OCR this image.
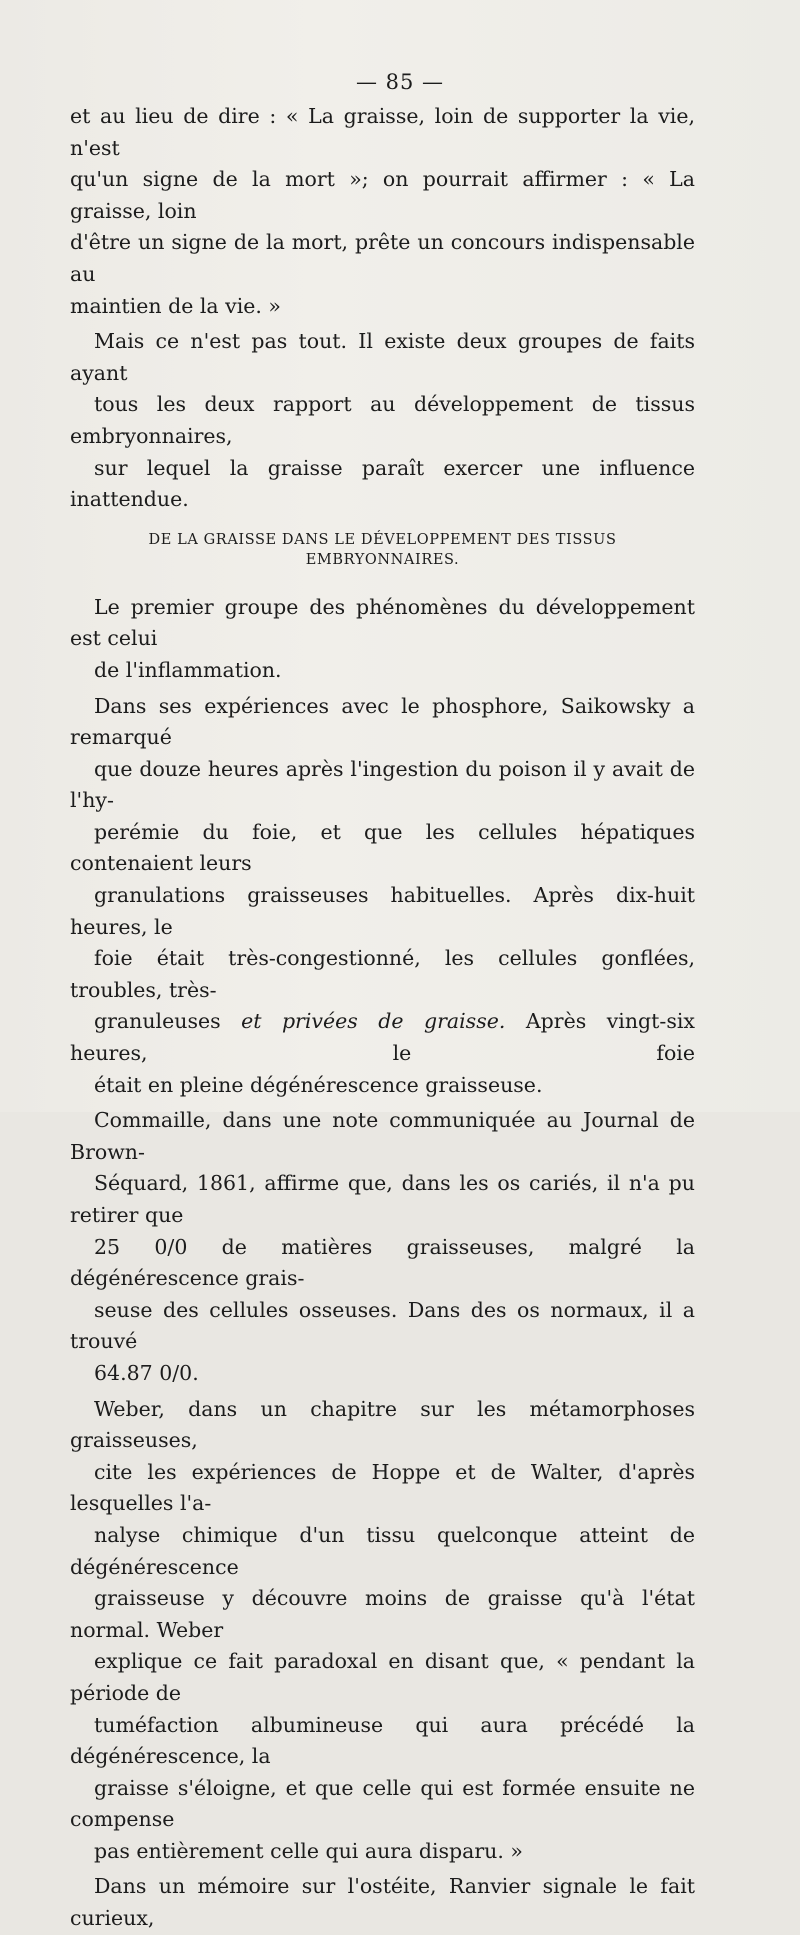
— 85 —

et au lieu de dire : « La graisse, loin de supporter la vie, n'est
qu'un signe de la mort »; on pourrait affirmer : « La graisse, loin
d'être un signe de la mort, prête un concours indispensable au
maintien de la vie. »

Mais ce n'est pas tout. Il existe deux groupes de faits ayant
tous les deux rapport au développement de tissus embryonnaires,
sur lequel la graisse paraît exercer une influence inattendue.

DE LA GRAISSE DANS LE DÉVELOPPEMENT DES TISSUS EMBRYONNAIRES.

Le premier groupe des phénomènes du développement est celui
de l'inflammation.

Dans ses expériences avec le phosphore, Saikowsky a remarqué
que douze heures après l'ingestion du poison il y avait de l'hy-
perémie du foie, et que les cellules hépatiques contenaient leurs
granulations graisseuses habituelles. Après dix-huit heures, le
foie était très-congestionné, les cellules gonflées, troubles, très-
granuleuses et privées de graisse. Après vingt-six heures, le foie
était en pleine dégénérescence graisseuse.

Commaille, dans une note communiquée au Journal de Brown-
Séquard, 1861, affirme que, dans les os cariés, il n'a pu retirer que
25 0/0 de matières graisseuses, malgré la dégénérescence grais-
seuse des cellules osseuses. Dans des os normaux, il a trouvé
64.87 0/0.

Weber, dans un chapitre sur les métamorphoses graisseuses,
cite les expériences de Hoppe et de Walter, d'après lesquelles l'a-
nalyse chimique d'un tissu quelconque atteint de dégénérescence
graisseuse y découvre moins de graisse qu'à l'état normal. Weber
explique ce fait paradoxal en disant que, « pendant la période de
tuméfaction albumineuse qui aura précédé la dégénérescence, la
graisse s'éloigne, et que celle qui est formée ensuite ne compense
pas entièrement celle qui aura disparu. »

Dans un mémoire sur l'ostéite, Ranvier signale le fait curieux,
